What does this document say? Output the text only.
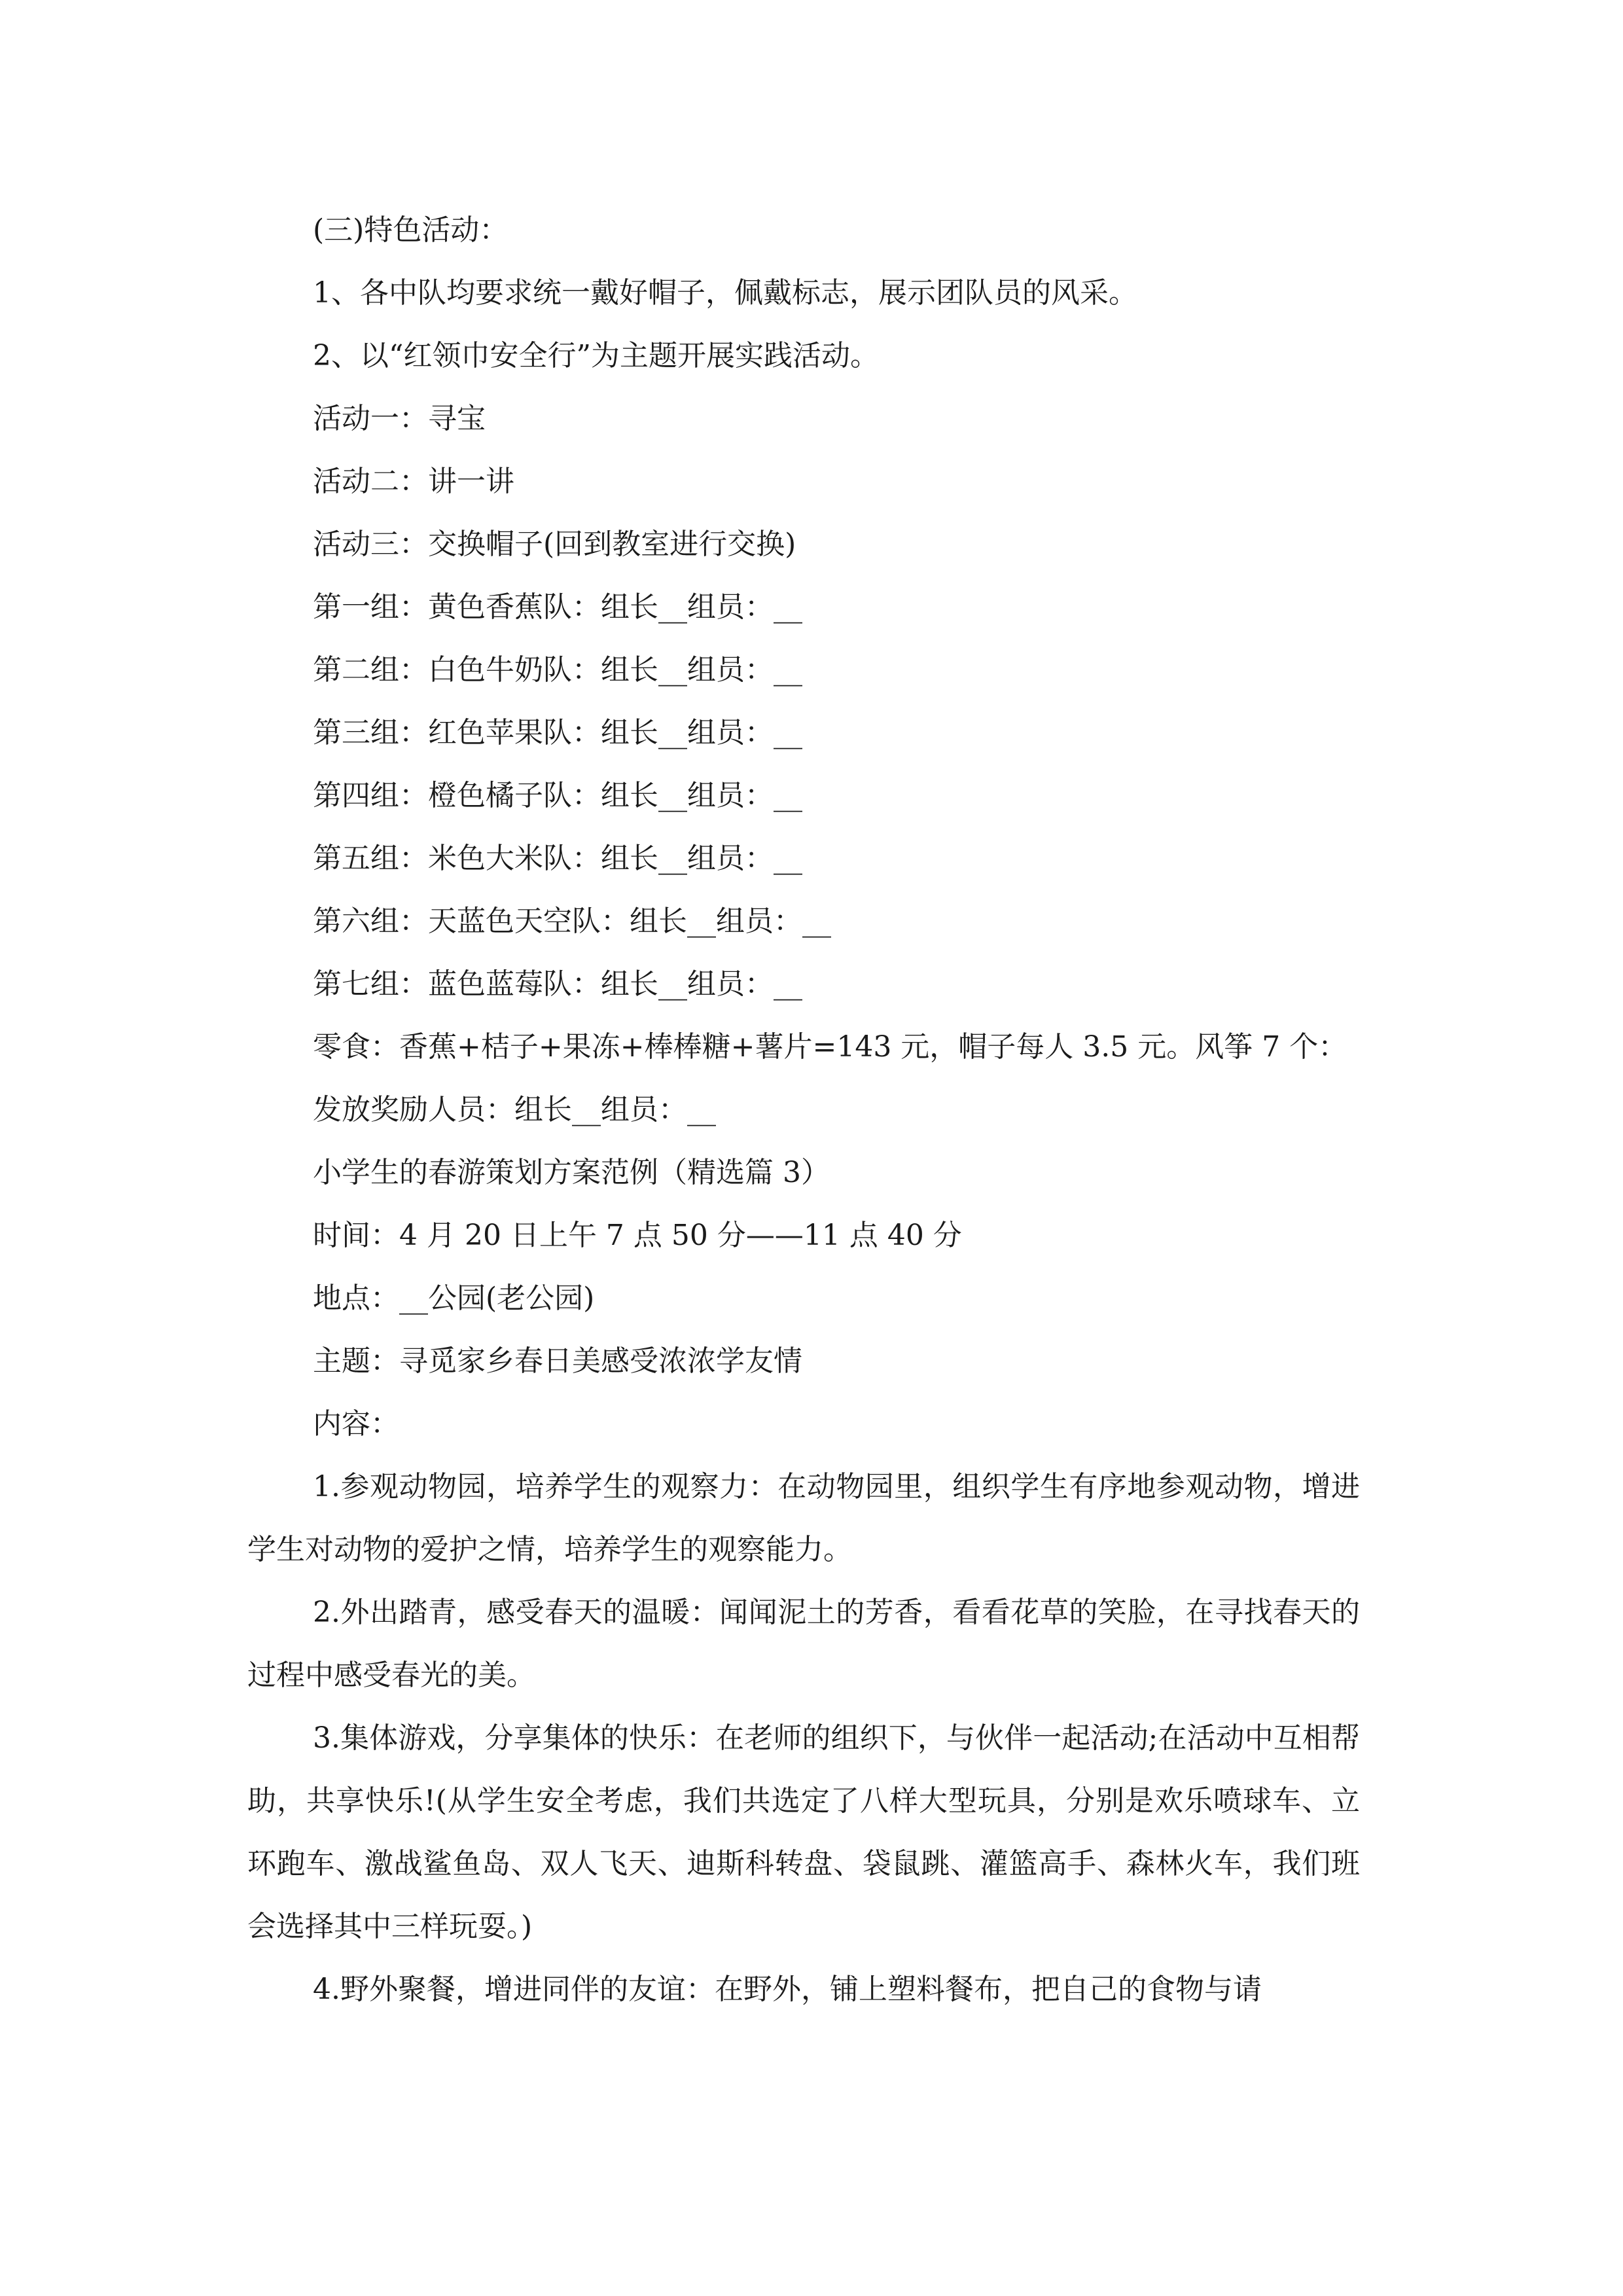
(三)特色活动：

1、各中队均要求统一戴好帽子，佩戴标志，展示团队员的风采。

2、以“红领巾安全行”为主题开展实践活动。

活动一：寻宝

活动二：讲一讲

活动三：交换帽子(回到教室进行交换)

第一组：黄色香蕉队：组长__组员：__

第二组：白色牛奶队：组长__组员：__

第三组：红色苹果队：组长__组员：__

第四组：橙色橘子队：组长__组员：__

第五组：米色大米队：组长__组员：__

第六组：天蓝色天空队：组长__组员：__

第七组：蓝色蓝莓队：组长__组员：__

零食：香蕉+桔子+果冻+棒棒糖+薯片=143 元，帽子每人 3.5 元。风筝 7 个：

发放奖励人员：组长__组员：__

小学生的春游策划方案范例（精选篇 3）

时间：4 月 20 日上午 7 点 50 分——11 点 40 分

地点：__公园(老公园)

主题：寻觅家乡春日美感受浓浓学友情

内容：

1.参观动物园，培养学生的观察力：在动物园里，组织学生有序地参观动物，增进学生对动物的爱护之情，培养学生的观察能力。

2.外出踏青，感受春天的温暖：闻闻泥土的芳香，看看花草的笑脸，在寻找春天的过程中感受春光的美。

3.集体游戏，分享集体的快乐：在老师的组织下，与伙伴一起活动;在活动中互相帮助，共享快乐!(从学生安全考虑，我们共选定了八样大型玩具，分别是欢乐喷球车、立环跑车、激战鲨鱼岛、双人飞天、迪斯科转盘、袋鼠跳、灌篮高手、森林火车，我们班会选择其中三样玩耍。)

4.野外聚餐，增进同伴的友谊：在野外，铺上塑料餐布，把自己的食物与请
